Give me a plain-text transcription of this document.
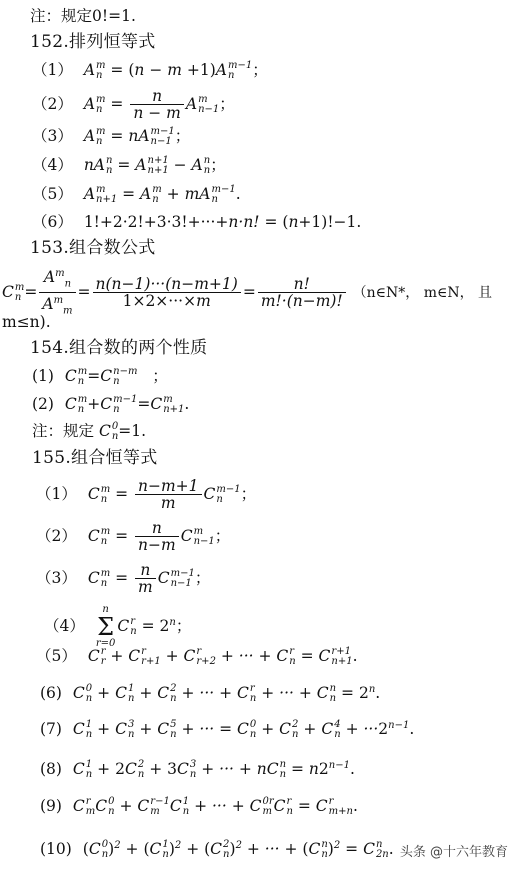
注：规定0!=1.
152.排列恒等式
（1） A m
n = (n − m +1)A m−1
n	；
（2） A m
$n = \frac{n}{n - m}$ A m
n−1 ；
（3） A m
n = nA m−1
n−1 ；
（4） nA n
n = A n+1
n+1 − A n
n ；
（5） A m
n+1 = A m
n + mA m−1
n	.
（6） 1!+2·2!+3·3!+···+n·n! = (n+1)!−1.
153.组合数公式
C m
$n = \frac{A^m_n}{A^m_m} = \frac{n(n-1)\cdot\cdot\cdot(n-m+1)}{1\times 2\times\cdot\cdot\cdot\times m} = \frac{n!}{m!\cdot(n-m)!}$ （n∈N*， m∈N， 且
m≤n).
154.组合数的两个性质
(1) C m
n =C n−m
n	；
(2) C m
n +C m−1
n	=C m
n+1 .
注：规定 C 0
n =1.
155.组合恒等式
（1） C m
$n = \frac{n-m+1}{m}$ C m−1
n	；
（2） C m
$n = \frac{n}{n-m}$ C m
n−1 ；
（3） C m
$n = \frac{n}{m}$ C m−1
n−1 ；
（4）
n
Σ
r=0
C r
$n = 2^n$；
（5） C r
r + C r
r+1 + C r
r+2 + ··· + C r
n = C r+1
n+1 .
(6) C 0
n + C 1
n + C 2
n + ··· + C r
n + ··· + C n
$n = 2^n$.
(7) C 1
n + C 3
n + C 5
n + ··· = C 0
n + C 2
n + C 4
$n + \cdot\cdot\cdot 2^{n-1}$.
(8) C 1
n + 2C 2
n + 3C 3
n + ··· + nC n
$n = n2^{n-1}$.
(9) C r
m C 0
n + C r−1
m C 1
n + ··· + C 0r
m C r
n = C r
m+n .
(10) (C 0
n )$^2$ + (C 1
n )$^2$ + (C 2
n )$^2$ + ··· + (C n
n )$^2$ = C n
2n . 头条 @十六年教育
